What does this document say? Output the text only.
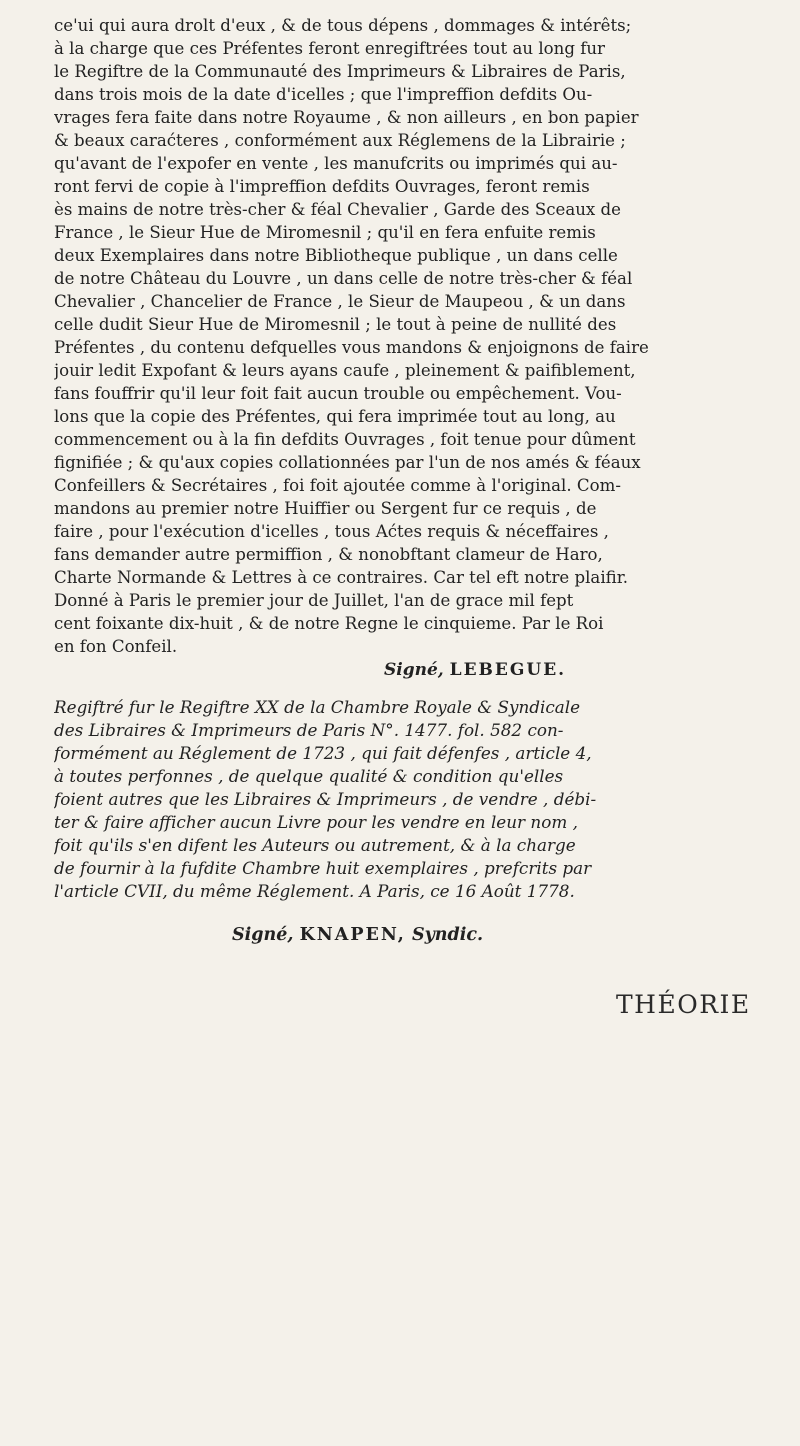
ce'ui qui aura drolt d'eux , & de tous dépens , dommages & intérêts;
à la charge que ces Préfentes feront enregiftrées tout au long fur
le Regiftre de la Communauté des Imprimeurs & Libraires de Paris,
dans trois mois de la date d'icelles ; que l'impreffion defdits Ou-
vrages fera faite dans notre Royaume , & non ailleurs , en bon papier
& beaux caraćteres , conformément aux Réglemens de la Librairie ;
qu'avant de l'expofer en vente , les manufcrits ou imprimés qui au-
ront fervi de copie à l'impreffion defdits Ouvrages, feront remis
ès mains de notre très-cher & féal Chevalier , Garde des Sceaux de
France , le Sieur Hue de Miromesnil ; qu'il en fera enfuite remis
deux Exemplaires dans notre Bibliotheque publique , un dans celle
de notre Château du Louvre , un dans celle de notre très-cher & féal
Chevalier , Chancelier de France , le Sieur de Maupeou , & un dans
celle dudit Sieur Hue de Miromesnil ; le tout à peine de nullité des
Préfentes , du contenu defquelles vous mandons & enjoignons de faire
jouir ledit Expofant & leurs ayans caufe , pleinement & paifiblement,
fans fouffrir qu'il leur foit fait aucun trouble ou empêchement. Vou-
lons que la copie des Préfentes, qui fera imprimée tout au long, au
commencement ou à la fin defdits Ouvrages , foit tenue pour dûment
fignifiée ; & qu'aux copies collationnées par l'un de nos amés & féaux
Confeillers & Secrétaires , foi foit ajoutée comme à l'original. Com-
mandons au premier notre Huiffier ou Sergent fur ce requis , de
faire , pour l'exécution d'icelles , tous Aćtes requis & néceffaires ,
fans demander autre permiffion , & nonobftant clameur de Haro,
Charte Normande & Lettres à ce contraires. Car tel eft notre plaifir.
Donné à Paris le premier jour de Juillet, l'an de grace mil fept
cent foixante dix-huit , & de notre Regne le cinquieme. Par le Roi
en fon Confeil.

Signé, LEBEGUE.

Regiftré fur le Regiftre XX de la Chambre Royale & Syndicale
des Libraires & Imprimeurs de Paris N°. 1477. fol. 582 con-
formément au Réglement de 1723 , qui fait défenfes , article 4,
à toutes perfonnes , de quelque qualité & condition qu'elles
foient autres que les Libraires & Imprimeurs , de vendre , débi-
ter & faire afficher aucun Livre pour les vendre en leur nom ,
foit qu'ils s'en difent les Auteurs ou autrement, & à la charge
de fournir à la fufdite Chambre huit exemplaires , prefcrits par
l'article CVII, du même Réglement. A Paris, ce 16 Août 1778.

Signé, KNAPEN, Syndic.

THÉORIE
